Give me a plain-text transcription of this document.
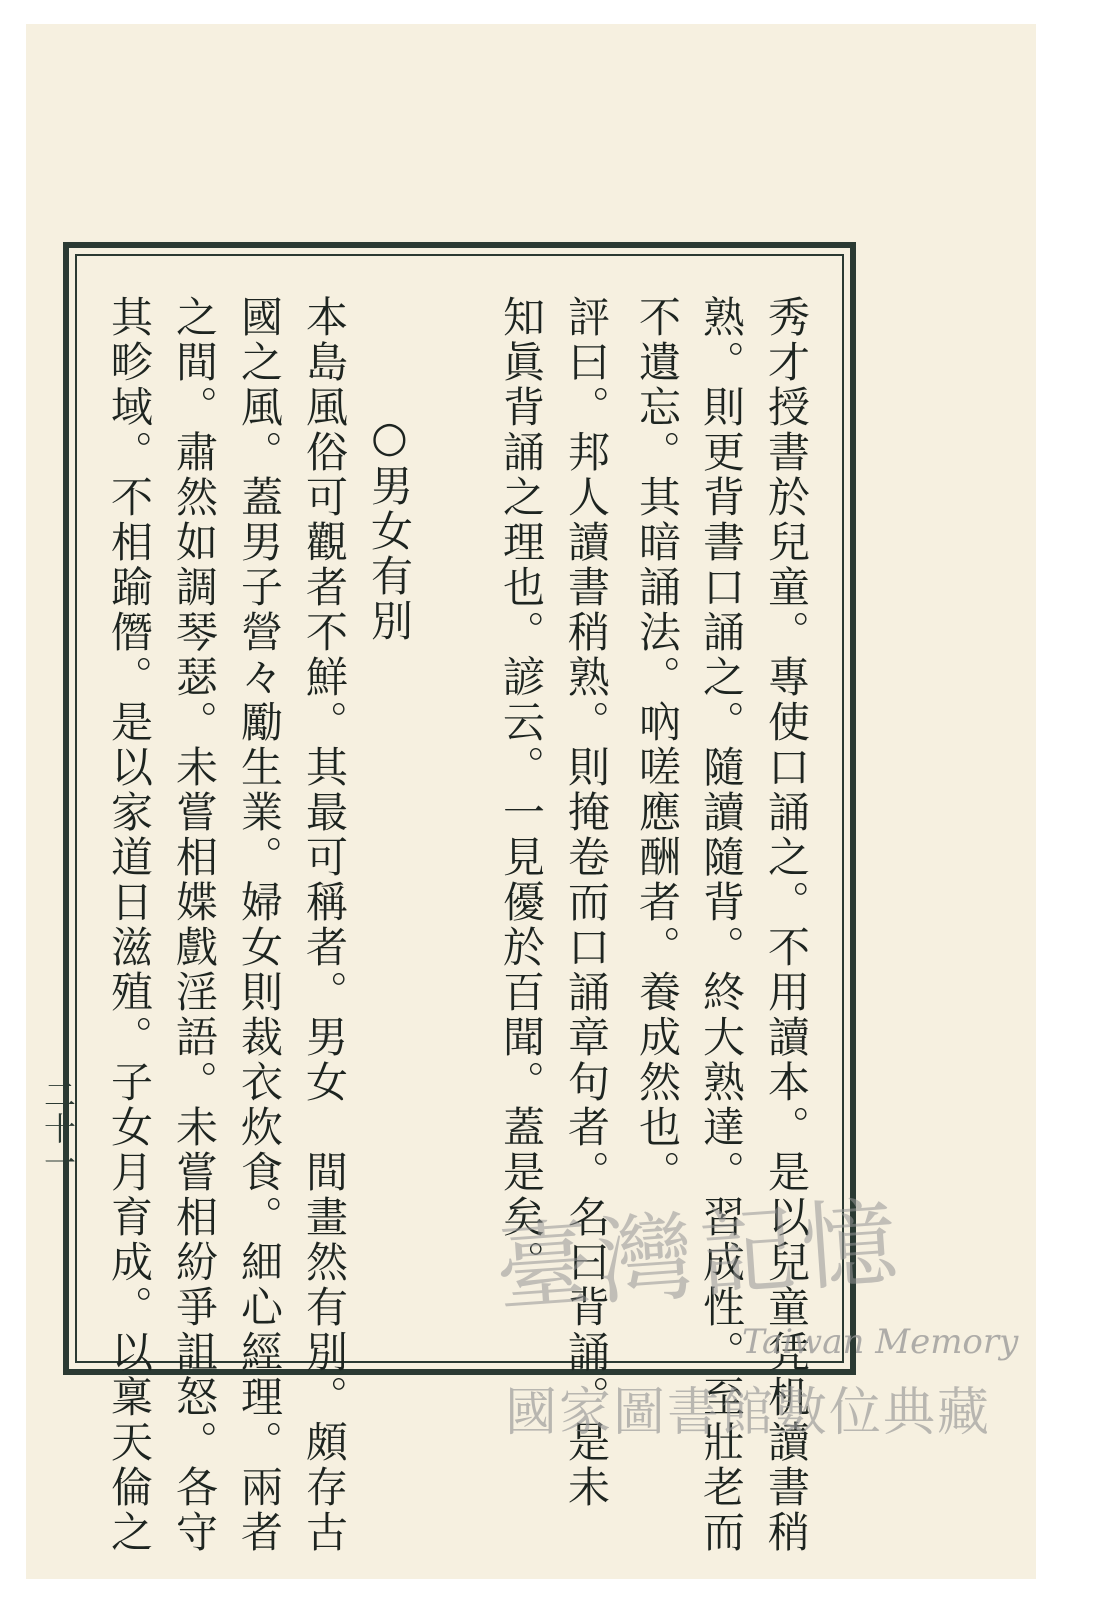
秀才授書於兒童。專使口誦之。不用讀本。是以兒童凭机讀書稍
熟。則更背書口誦之。隨讀隨背。終大熟達。習成性。至壯老而
不遺忘。其暗誦法。吶嗟應酬者。養成然也。
評曰。邦人讀書稍熟。則掩卷而口誦章句者。名曰背誦。是未
知眞背誦之理也。諺云。一見優於百聞。蓋是矣。
○男女有別
本島風俗可觀者不鮮。其最可稱者。男女　間畫然有別。頗存古
國之風。蓋男子營々勵生業。婦女則裁衣炊食。細心經理。兩者
之間。肅然如調琴瑟。未嘗相媟戲淫語。未嘗相紛爭詛怒。各守
其畛域。不相踰僭。是以家道日滋殖。子女月育成。以稟天倫之
二十一
臺灣記憶
Taiwan Memory
國家圖書館數位典藏
